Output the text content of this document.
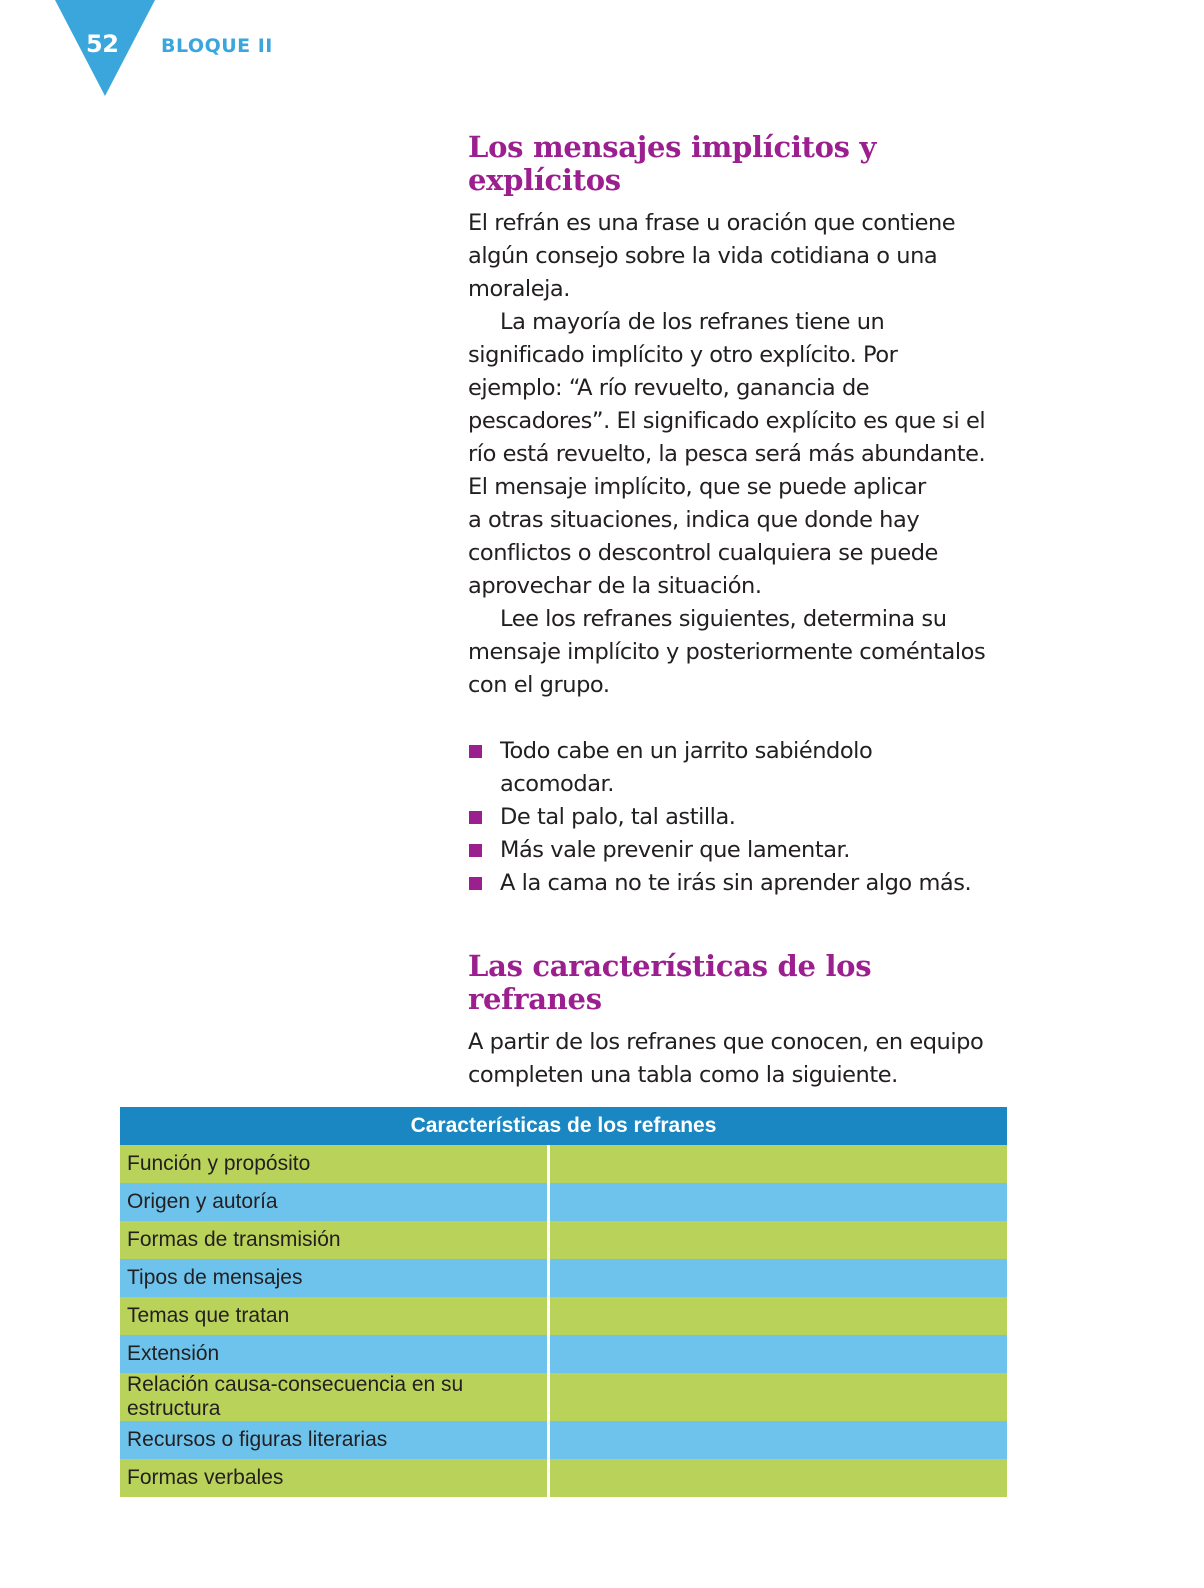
52	BLOQUE II
Los mensajes implícitos y
explícitos

El refrán es una frase u oración que contiene
algún consejo sobre la vida cotidiana o una
moraleja.

La mayoría de los refranes tiene un
significado implícito y otro explícito. Por
ejemplo: “A río revuelto, ganancia de
pescadores”. El significado explícito es que si el
río está revuelto, la pesca será más abundante.
El mensaje implícito, que se puede aplicar
a otras situaciones, indica que donde hay
conflictos o descontrol cualquiera se puede
aprovechar de la situación.

Lee los refranes siguientes, determina su
mensaje implícito y posteriormente coméntalos
con el grupo.

Todo cabe en un jarrito sabiéndolo
acomodar.
De tal palo, tal astilla.
Más vale prevenir que lamentar.
A la cama no te irás sin aprender algo más.
Las características de los
refranes

A partir de los refranes que conocen, en equipo
completen una tabla como la siguiente.

Características de los refranes	
Función y propósito	
Origen y autoría	
Formas de transmisión	
Tipos de mensajes	
Temas que tratan	
Extensión	
Relación causa-consecuencia en su estructura	
Recursos o figuras literarias	
Formas verbales	
